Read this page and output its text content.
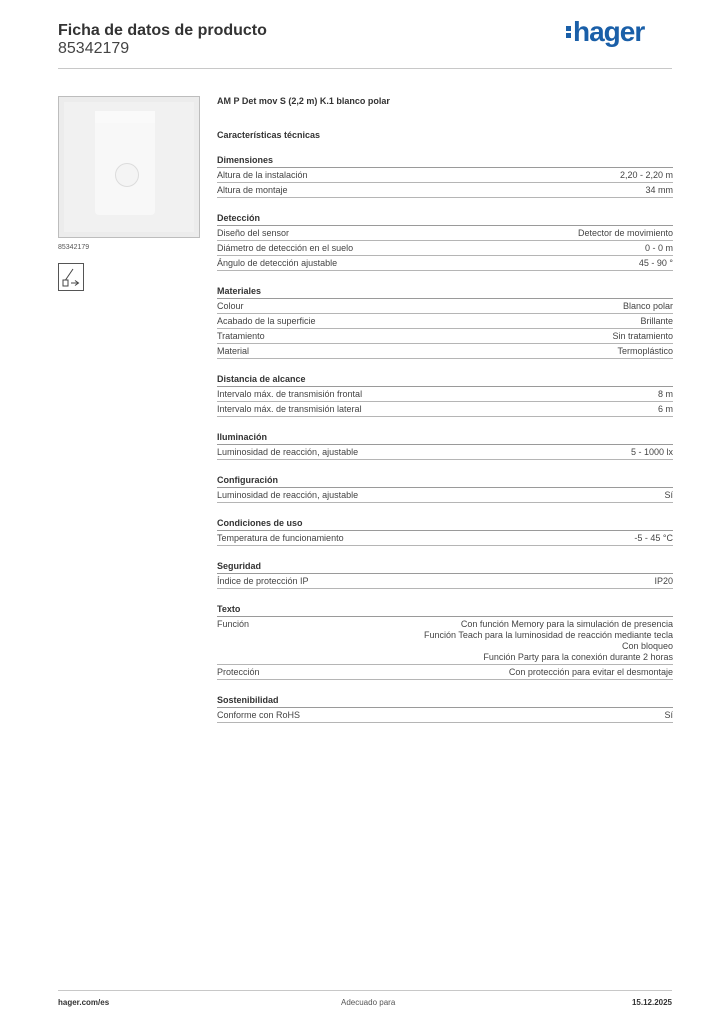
Ficha de datos de producto
85342179
hager
85342179
AM P Det mov S (2,2 m) K.1 blanco polar
Características técnicas
Dimensiones
Altura de la instalación	2,20 - 2,20 m
Altura de montaje	34 mm
Detección
Diseño del sensor	Detector de movimiento
Diámetro de detección en el suelo	0 - 0 m
Ángulo de detección ajustable	45 - 90 °
Materiales
Colour	Blanco polar
Acabado de la superficie	Brillante
Tratamiento	Sin tratamiento
Material	Termoplástico
Distancia de alcance
Intervalo máx. de transmisión frontal	8 m
Intervalo máx. de transmisión lateral	6 m
Iluminación
Luminosidad de reacción, ajustable	5 - 1000 lx
Configuración
Luminosidad de reacción, ajustable	Sí
Condiciones de uso
Temperatura de funcionamiento	-5 - 45 °C
Seguridad
Índice de protección IP	IP20
Texto
Función	Con función Memory para la simulación de presencia
Función Teach para la luminosidad de reacción mediante tecla
Con bloqueo
Función Party para la conexión durante 2 horas
Protección	Con protección para evitar el desmontaje
Sostenibilidad
Conforme con RoHS	Sí
hager.com/es	Adecuado para	15.12.2025
